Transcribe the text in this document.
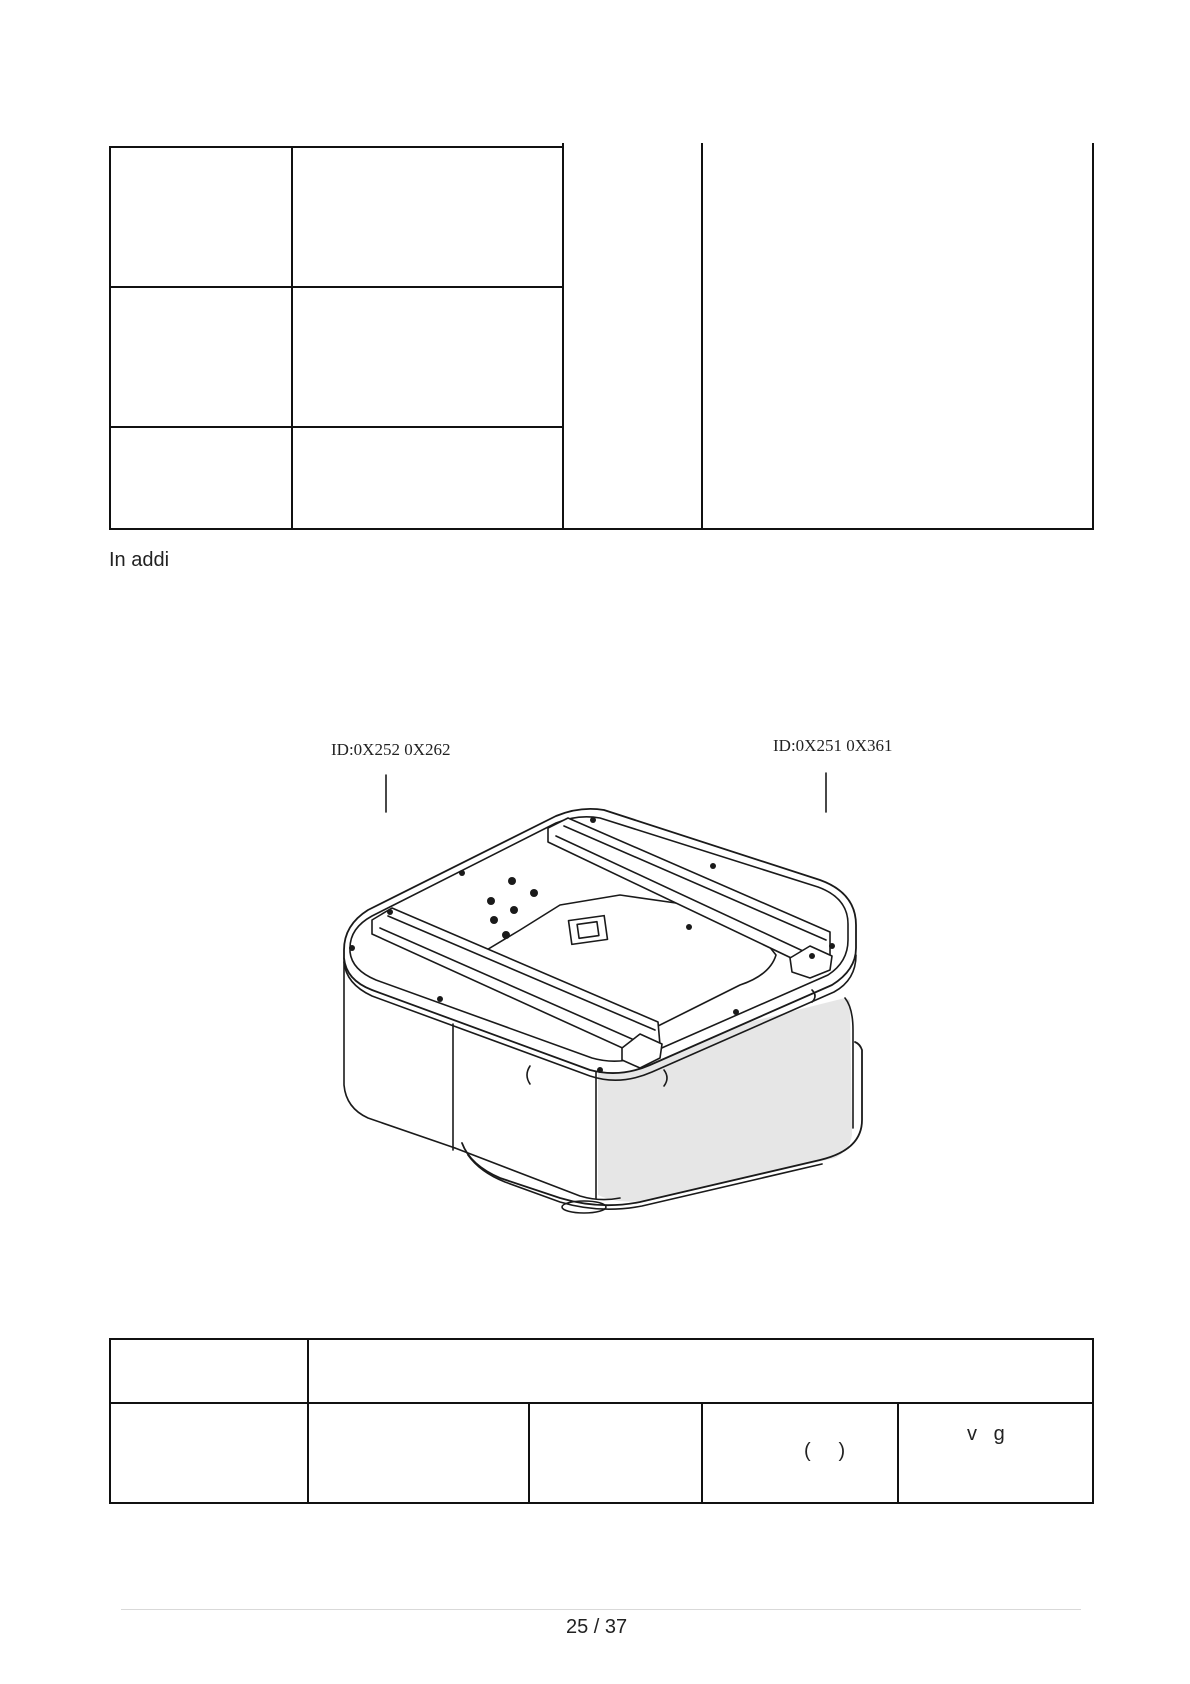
In addi
ID:0X252 0X262	ID:0X251 0X361
(     )
v   g
25 / 37
